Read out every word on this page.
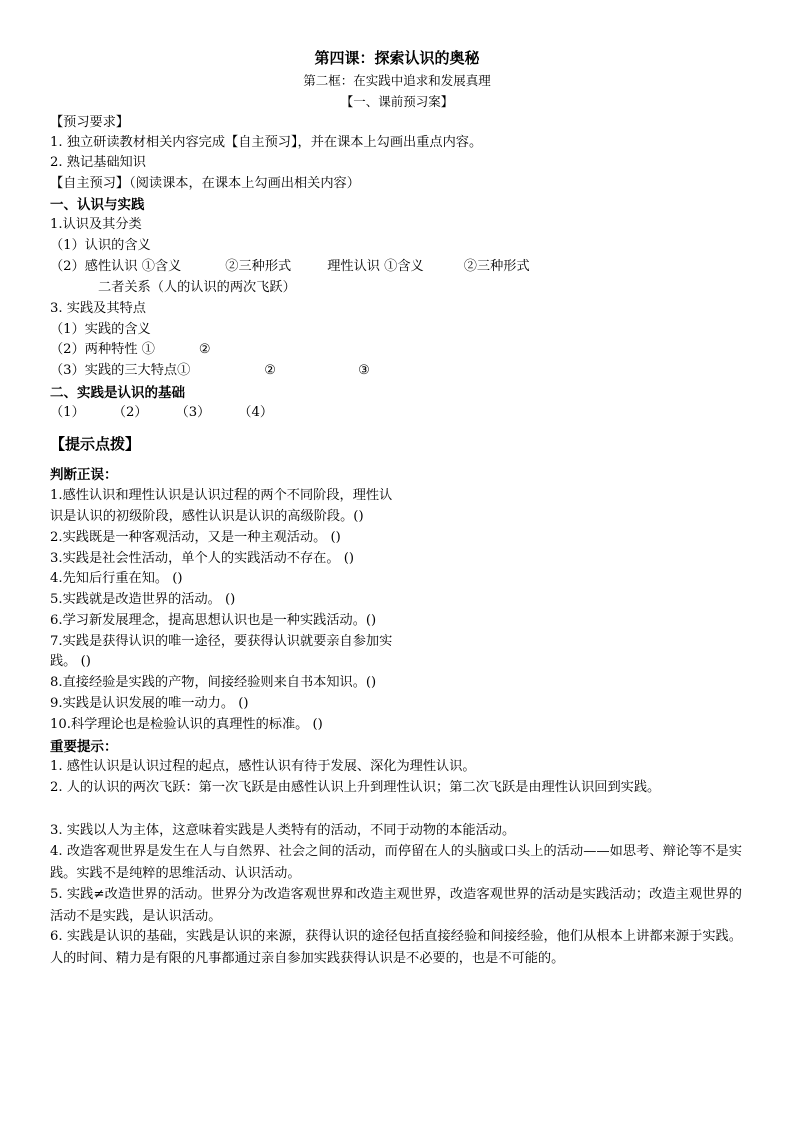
第四课：探索认识的奥秘
第二框：在实践中追求和发展真理
【一、课前预习案】
【预习要求】
1. 独立研读教材相关内容完成【自主预习】，并在课本上勾画出重点内容。
2. 熟记基础知识
【自主预习】（阅读课本，在课本上勾画出相关内容）
一、认识与实践
1.认识及其分类
（1）认识的含义
（2）感性认识 ①含义	②三种形式	理性认识 ①含义	②三种形式
二者关系（人的认识的两次飞跃）
3. 实践及其特点
（1）实践的含义
（2）两种特性 ①	②
（3）实践的三大特点①	②	③
二、实践是认识的基础
（1） （2） （3） （4）
【提示点拨】
判断正误：
1.感性认识和理性认识是认识过程的两个不同阶段，理性认
识是认识的初级阶段，感性认识是认识的高级阶段。()
2.实践既是一种客观活动，又是一种主观活动。 ()
3.实践是社会性活动，单个人的实践活动不存在。 ()
4.先知后行重在知。 ()
5.实践就是改造世界的活动。 ()
6.学习新发展理念，提高思想认识也是一种实践活动。()
7.实践是获得认识的唯一途径，要获得认识就要亲自参加实
践。 ()
8.直接经验是实践的产物，间接经验则来自书本知识。()
9.实践是认识发展的唯一动力。 ()
10.科学理论也是检验认识的真理性的标准。 ()
重要提示：
1. 感性认识是认识过程的起点，感性认识有待于发展、深化为理性认识。
2. 人的认识的两次飞跃：第一次飞跃是由感性认识上升到理性认识；第二次飞跃是由理性认识回到实践。
3. 实践以人为主体，这意味着实践是人类特有的活动，不同于动物的本能活动。
4. 改造客观世界是发生在人与自然界、社会之间的活动，而停留在人的头脑或口头上的活动——如思考、辩论等不是实践。实践不是纯粹的思维活动、认识活动。
5. 实践≠改造世界的活动。世界分为改造客观世界和改造主观世界，改造客观世界的活动是实践活动；改造主观世界的活动不是实践，是认识活动。
6. 实践是认识的基础，实践是认识的来源，获得认识的途径包括直接经验和间接经验，他们从根本上讲都来源于实践。人的时间、精力是有限的凡事都通过亲自参加实践获得认识是不必要的，也是不可能的。
